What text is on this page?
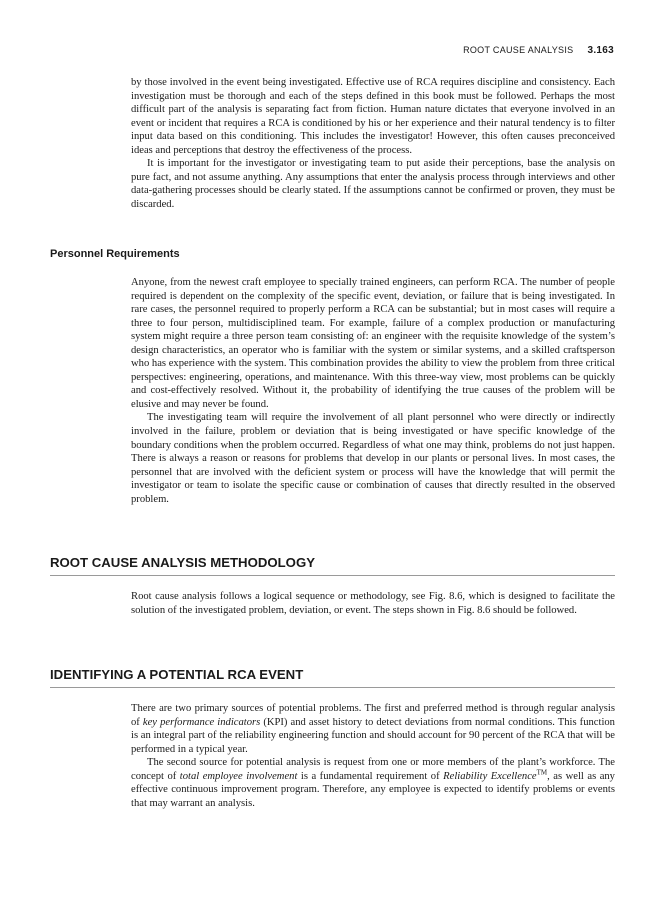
ROOT CAUSE ANALYSIS 3.163

by those involved in the event being investigated. Effective use of RCA requires discipline and consistency. Each investigation must be thorough and each of the steps defined in this book must be followed. Perhaps the most difficult part of the analysis is separating fact from fiction. Human nature dictates that everyone involved in an event or incident that requires a RCA is conditioned by his or her experience and their natural tendency is to filter input data based on this conditioning. This includes the investigator! However, this often causes preconceived ideas and perceptions that destroy the effectiveness of the process.

It is important for the investigator or investigating team to put aside their perceptions, base the analysis on pure fact, and not assume anything. Any assumptions that enter the analysis process through interviews and other data-gathering processes should be clearly stated. If the assumptions cannot be confirmed or proven, they must be discarded.

Personnel Requirements

Anyone, from the newest craft employee to specially trained engineers, can perform RCA. The number of people required is dependent on the complexity of the specific event, deviation, or failure that is being investigated. In rare cases, the personnel required to properly perform a RCA can be substantial; but in most cases will require a three to four person, multidisciplined team. For example, failure of a complex production or manufacturing system might require a three person team consisting of: an engineer with the requisite knowledge of the system’s design characteristics, an operator who is familiar with the system or similar systems, and a skilled craftsperson who has experience with the system. This combination provides the ability to view the problem from three critical perspectives: engineering, operations, and maintenance. With this three-way view, most problems can be quickly and cost-effectively resolved. Without it, the probability of identifying the true causes of the problem will be elusive and may never be found.

The investigating team will require the involvement of all plant personnel who were directly or indirectly involved in the failure, problem or deviation that is being investigated or have specific knowledge of the boundary conditions when the problem occurred. Regardless of what one may think, problems do not just happen. There is always a reason or reasons for problems that develop in our plants or personal lives. In most cases, the personnel that are involved with the deficient system or process will have the knowledge that will permit the investigator or team to isolate the specific cause or combination of causes that directly resulted in the observed problem.

ROOT CAUSE ANALYSIS METHODOLOGY

Root cause analysis follows a logical sequence or methodology, see Fig. 8.6, which is designed to facilitate the solution of the investigated problem, deviation, or event. The steps shown in Fig. 8.6 should be followed.

IDENTIFYING A POTENTIAL RCA EVENT

There are two primary sources of potential problems. The first and preferred method is through regular analysis of key performance indicators (KPI) and asset history to detect deviations from normal conditions. This function is an integral part of the reliability engineering function and should account for 90 percent of the RCA that will be performed in a typical year.

The second source for potential analysis is request from one or more members of the plant’s workforce. The concept of total employee involvement is a fundamental requirement of Reliability Excellence™, as well as any effective continuous improvement program. Therefore, any employee is expected to identify problems or events that may warrant an analysis.
